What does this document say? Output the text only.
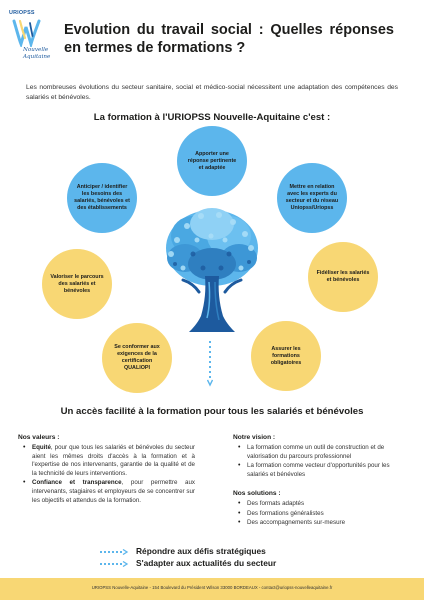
URIOPSS
Nouvelle
Aquitaine
Evolution du travail social : Quelles réponses en termes de formations ?

Les nombreuses évolutions du secteur sanitaire, social et médico-social nécessitent une adaptation des compétences des salariés et bénévoles.

La formation à l'URIOPSS Nouvelle-Aquitaine c'est :
Apporter une réponse pertinente et adaptée
Anticiper / identifier les besoins des salariés, bénévoles et des établissements
Mettre en relation avec les experts du secteur et du réseau Uniopss/Uriopss
Valoriser le parcours des salariés et bénévoles
Fidéliser les salariés et bénévoles
Se conformer aux exigences de la certification QUALIOPI
Assurer les formations obligatoires
Un accès facilité à la formation pour tous les salariés et bénévoles
Nos valeurs :
• Equité, pour que tous les salariés et bénévoles du secteur aient les mêmes droits d'accès à la formation et à l'expertise de nos intervenants, garantie de la qualité et de la technicité de leurs interventions.
• Confiance et transparence, pour permettre aux intervenants, stagiaires et employeurs de se concentrer sur les objectifs et attendus de la formation.
Notre vision :
• La formation comme un outil de construction et de valorisation du parcours professionnel
• La formation comme vecteur d'opportunités pour les salariés et bénévoles
Nos solutions :
• Des formats adaptés
• Des formations généralistes
• Des accompagnements sur-mesure
Répondre aux défis stratégiques
S'adapter aux actualités du secteur
URIOPSS Nouvelle-Aquitaine - 154 Boulevard du Président Wilson 33000 BORDEAUX - contact@uriopss-nouvelleaquitaine.fr
